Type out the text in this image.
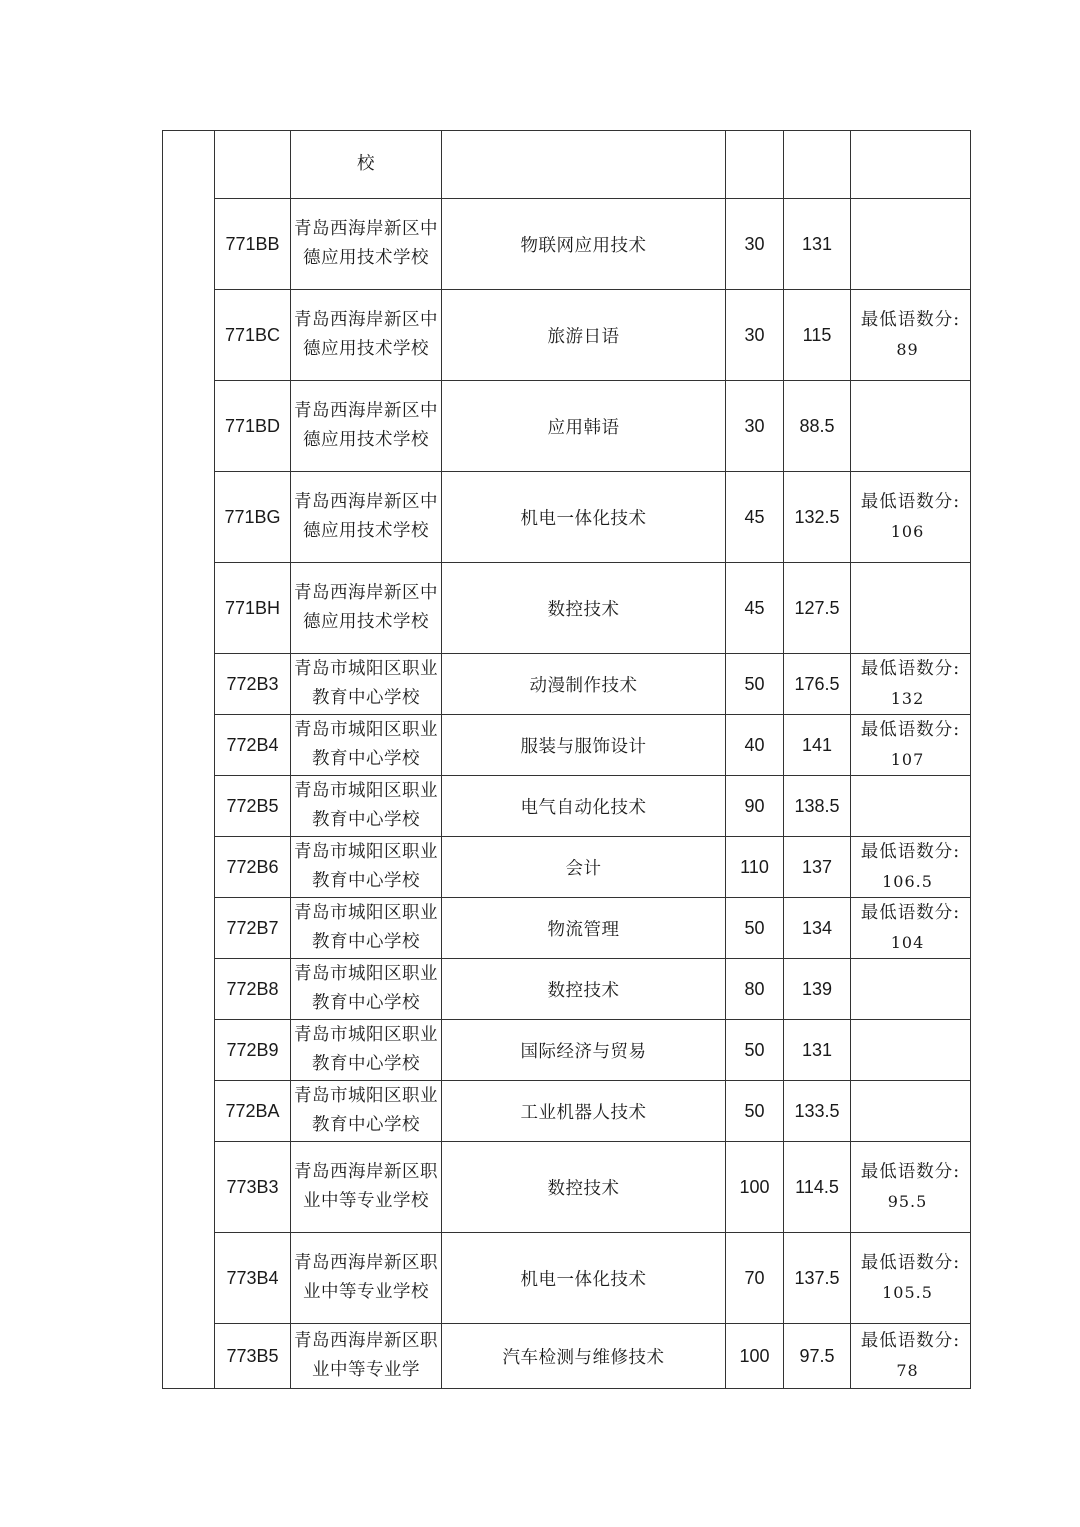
		校				
	771BB	青岛西海岸新区中德应用技术学校	物联网应用技术	30	131	
	771BC	青岛西海岸新区中德应用技术学校	旅游日语	30	115	最低语数分:
89

	771BD	青岛西海岸新区中德应用技术学校	应用韩语	30	88.5	
	771BG	青岛西海岸新区中德应用技术学校	机电一体化技术	45	132.5	最低语数分:
106

	771BH	青岛西海岸新区中德应用技术学校	数控技术	45	127.5	
	772B3	青岛市城阳区职业教育中心学校	动漫制作技术	50	176.5	最低语数分:
132

	772B4	青岛市城阳区职业教育中心学校	服装与服饰设计	40	141	最低语数分:
107

	772B5	青岛市城阳区职业教育中心学校	电气自动化技术	90	138.5	
	772B6	青岛市城阳区职业教育中心学校	会计	110	137	最低语数分:
106.5

	772B7	青岛市城阳区职业教育中心学校	物流管理	50	134	最低语数分:
104

	772B8	青岛市城阳区职业教育中心学校	数控技术	80	139	
	772B9	青岛市城阳区职业教育中心学校	国际经济与贸易	50	131	
	772BA	青岛市城阳区职业教育中心学校	工业机器人技术	50	133.5	
	773B3	青岛西海岸新区职业中等专业学校	数控技术	100	114.5	最低语数分:
95.5

	773B4	青岛西海岸新区职业中等专业学校	机电一体化技术	70	137.5	最低语数分:
105.5

	773B5	青岛西海岸新区职业中等专业学	汽车检测与维修技术	100	97.5	最低语数分:
78
